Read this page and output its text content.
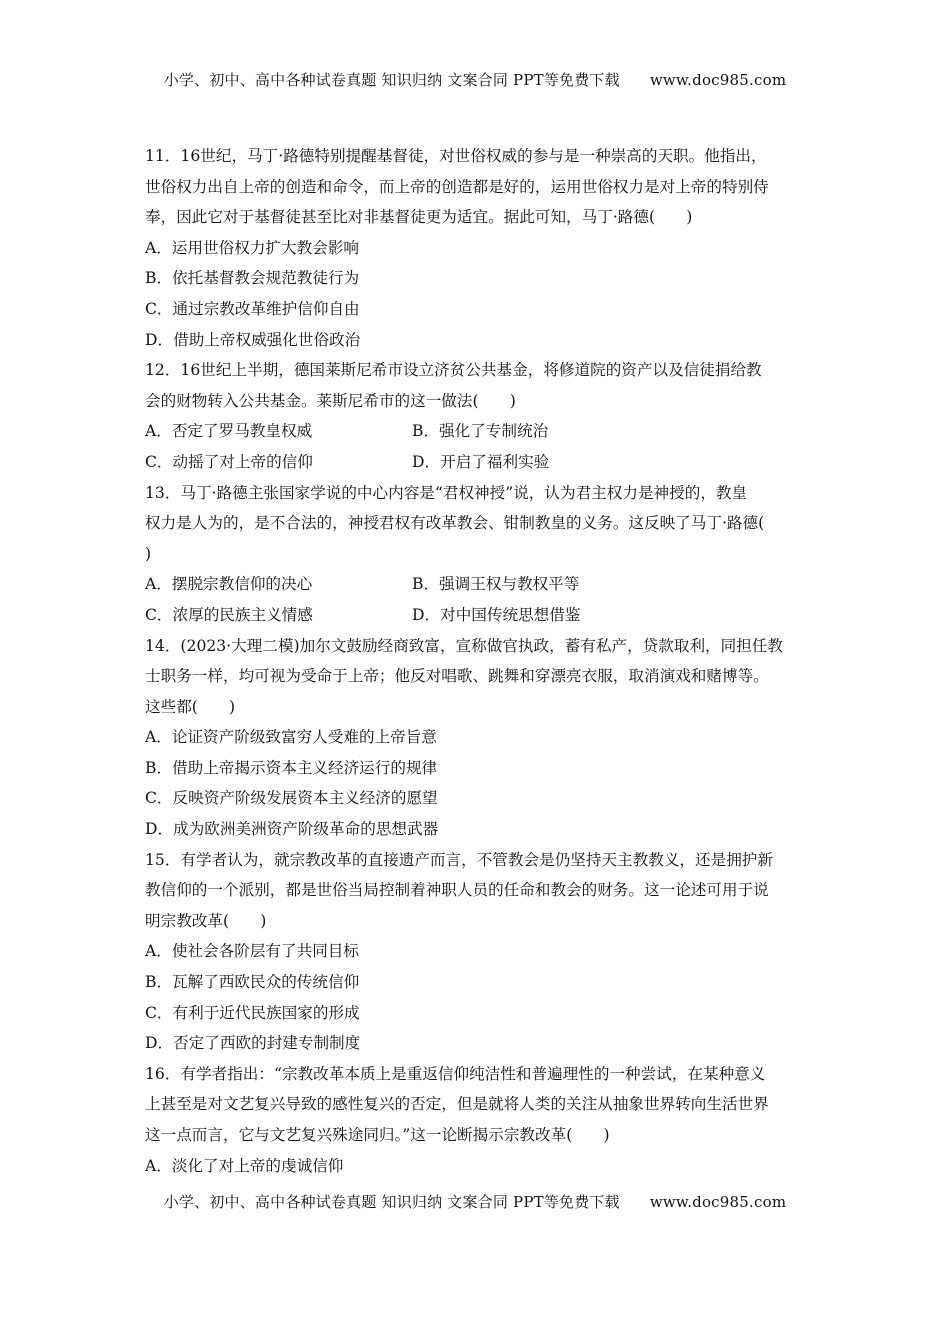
小学、初中、高中各种试卷真题 知识归纳 文案合同 PPT等免费下载 www.doc985.com
11．16世纪，马丁·路德特别提醒基督徒，对世俗权威的参与是一种崇高的天职。他指出，
世俗权力出自上帝的创造和命令，而上帝的创造都是好的，运用世俗权力是对上帝的特别侍
奉，因此它对于基督徒甚至比对非基督徒更为适宜。据此可知，马丁·路德(　　)
A．运用世俗权力扩大教会影响
B．依托基督教会规范教徒行为
C．通过宗教改革维护信仰自由
D．借助上帝权威强化世俗政治
12．16世纪上半期，德国莱斯尼希市设立济贫公共基金，将修道院的资产以及信徒捐给教
会的财物转入公共基金。莱斯尼希市的这一做法(　　)
A．否定了罗马教皇权威	B．强化了专制统治
C．动摇了对上帝的信仰	D．开启了福利实验
13．马丁·路德主张国家学说的中心内容是“君权神授”说，认为君主权力是神授的，教皇
权力是人为的，是不合法的，神授君权有改革教会、钳制教皇的义务。这反映了马丁·路德(
)
A．摆脱宗教信仰的决心	B．强调王权与教权平等
C．浓厚的民族主义情感	D．对中国传统思想借鉴
14．(2023·大理二模)加尔文鼓励经商致富，宣称做官执政，蓄有私产，贷款取利，同担任教
士职务一样，均可视为受命于上帝；他反对唱歌、跳舞和穿漂亮衣服，取消演戏和赌博等。
这些都(　　)
A．论证资产阶级致富穷人受难的上帝旨意
B．借助上帝揭示资本主义经济运行的规律
C．反映资产阶级发展资本主义经济的愿望
D．成为欧洲美洲资产阶级革命的思想武器
15．有学者认为，就宗教改革的直接遗产而言，不管教会是仍坚持天主教教义，还是拥护新
教信仰的一个派别，都是世俗当局控制着神职人员的任命和教会的财务。这一论述可用于说
明宗教改革(　　)
A．使社会各阶层有了共同目标
B．瓦解了西欧民众的传统信仰
C．有利于近代民族国家的形成
D．否定了西欧的封建专制制度
16．有学者指出：“宗教改革本质上是重返信仰纯洁性和普遍理性的一种尝试，在某种意义
上甚至是对文艺复兴导致的感性复兴的否定，但是就将人类的关注从抽象世界转向生活世界
这一点而言，它与文艺复兴殊途同归。”这一论断揭示宗教改革(　　)
A．淡化了对上帝的虔诚信仰
小学、初中、高中各种试卷真题 知识归纳 文案合同 PPT等免费下载 www.doc985.com
